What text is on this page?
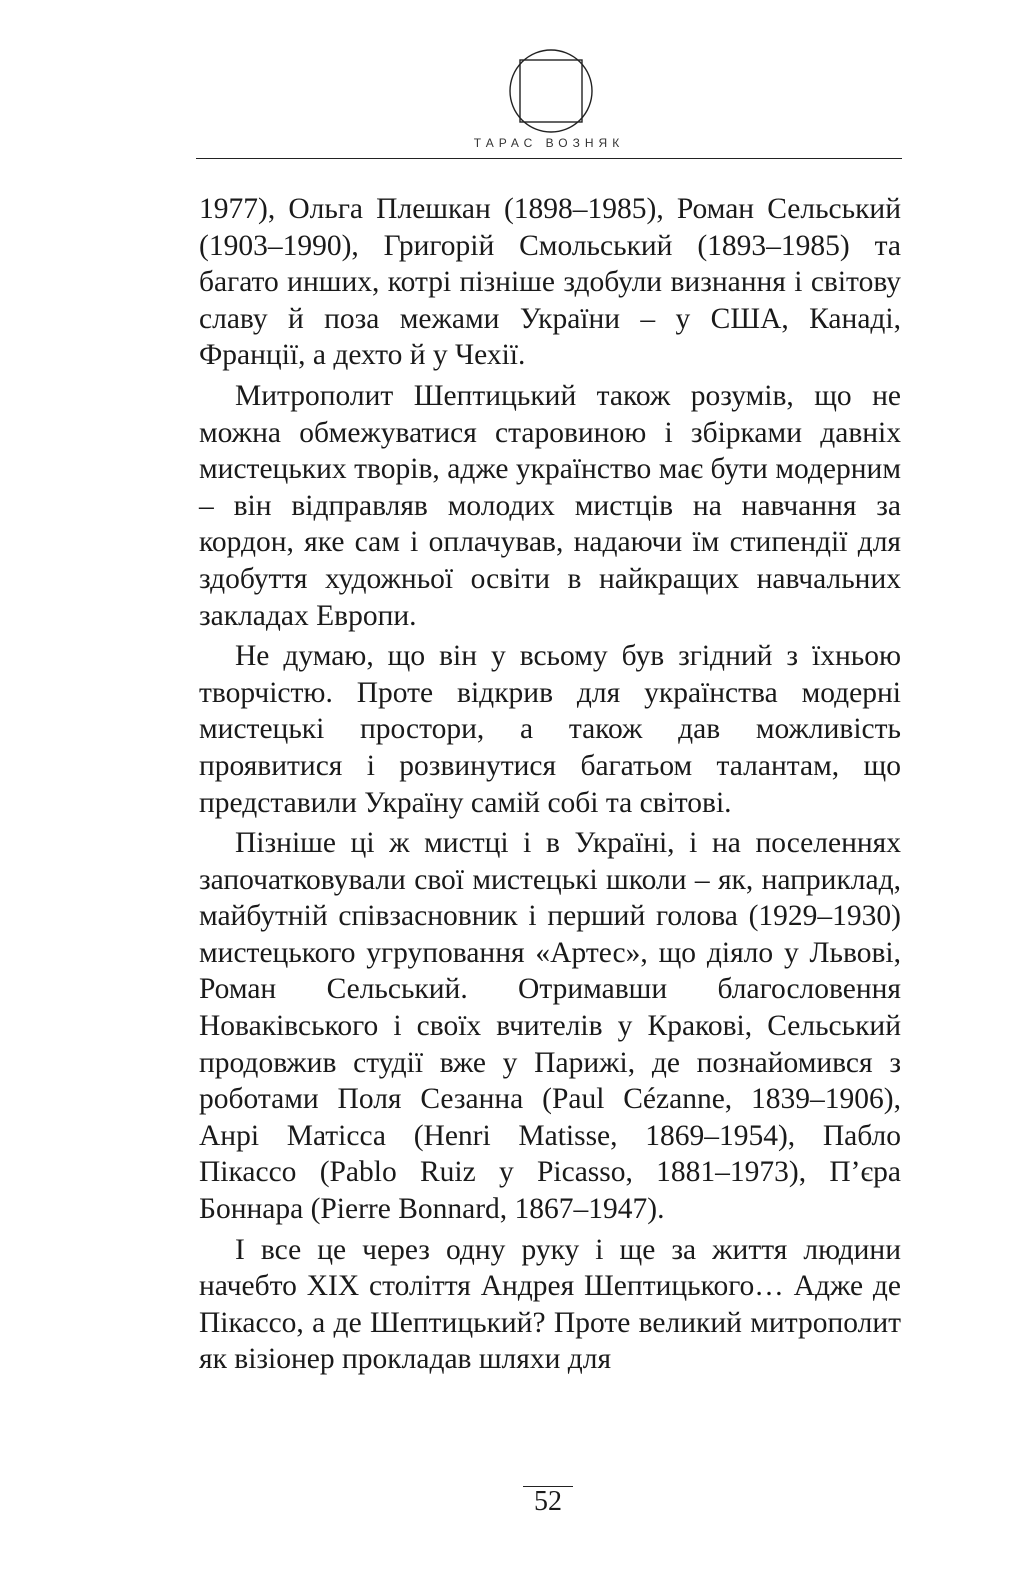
ТАРАС ВОЗНЯК

1977), Ольга Плешкан (1898–1985), Роман Сельський (1903–1990), Григорій Смольський (1893–1985) та багато инших, котрі пізніше здобули визнання і світову славу й поза межами України – у США, Канаді, Франції, а дехто й у Чехії.

Митрополит Шептицький також розумів, що не можна обмежуватися старовиною і збірками давніх мистецьких творів, адже українство має бути модерним – він відправляв молодих мистців на навчання за кордон, яке сам і оплачував, надаючи їм стипендії для здобуття художньої освіти в найкращих навчальних закладах Европи.

Не думаю, що він у всьому був згідний з їхньою творчістю. Проте відкрив для українства модерні мистецькі простори, а також дав можливість проявитися і розвинутися багатьом талантам, що представили Україну самій собі та світові.

Пізніше ці ж мистці і в Україні, і на поселеннях започатковували свої мистецькі школи – як, наприклад, майбутній співзасновник і перший голова (1929–1930) мистецького угруповання «Артес», що діяло у Львові, Роман Сельський. Отримавши благословення Новаківського і своїх вчителів у Кракові, Сельський продовжив студії вже у Парижі, де познайомився з роботами Поля Сезанна (Paul Cézanne, 1839–1906), Анрі Матісса (Henri Matisse, 1869–1954), Пабло Пікассо (Pablo Ruiz y Picasso, 1881–1973), П’єра Боннара (Pierre Bonnard, 1867–1947).

І все це через одну руку і ще за життя людини начебто XIX століття Андрея Шептицького… Адже де Пікассо, а де Шептицький? Проте великий митрополит як візіонер прокладав шляхи для

52
